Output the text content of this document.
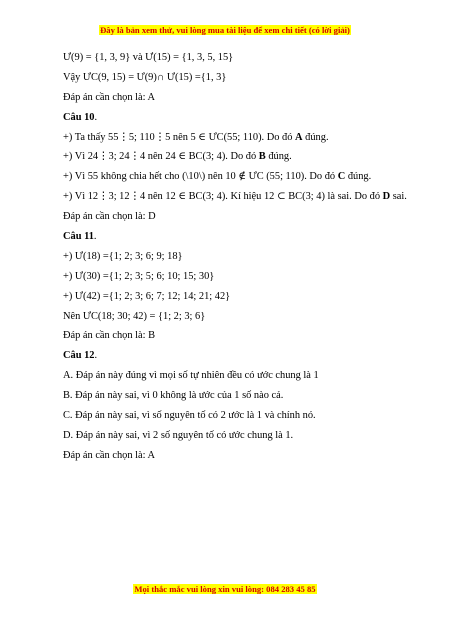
Đây là bản xem thử, vui lòng mua tài liệu để xem chi tiết (có lời giải)
Ư(9) = {1, 3, 9} và Ư(15) = {1, 3, 5, 15}
Vậy ƯC(9, 15) = Ư(9)∩ Ư(15) ={1, 3}
Đáp án cần chọn là: A
Câu 10.
+) Ta thấy 55⋮5; 110⋮5 nên 5 ∈ ƯC(55; 110). Do đó A đúng.
+) Vì 24⋮3; 24⋮4 nên 24 ∈ BC(3; 4). Do đó B đúng.
+) Vì 55 không chia hết cho (\10\) nên 10 ∉ ƯC (55; 110). Do đó C đúng.
+) Vì 12⋮3; 12⋮4 nên 12 ∈ BC(3; 4). Kí hiệu 12 ⊂ BC(3; 4) là sai. Do đó D sai.
Đáp án cần chọn là: D
Câu 11.
+) Ư(18) ={1; 2; 3; 6; 9; 18}
+) Ư(30) ={1; 2; 3; 5; 6; 10; 15; 30}
+) Ư(42) ={1; 2; 3; 6; 7; 12; 14; 21; 42}
Nên ƯC(18; 30; 42) = {1; 2; 3; 6}
Đáp án cần chọn là: B
Câu 12.
A. Đáp án này đúng vì mọi số tự nhiên đều có ước chung là 1
B. Đáp án này sai, vì 0 không là ước của 1 số nào cả.
C. Đáp án này sai, vì số nguyên tố có 2 ước là 1 và chính nó.
D. Đáp án này sai, vì 2 số nguyên tố có ước chung là 1.
Đáp án cần chọn là: A
Mọi thắc mắc vui lòng xin vui lòng: 084 283 45 85
